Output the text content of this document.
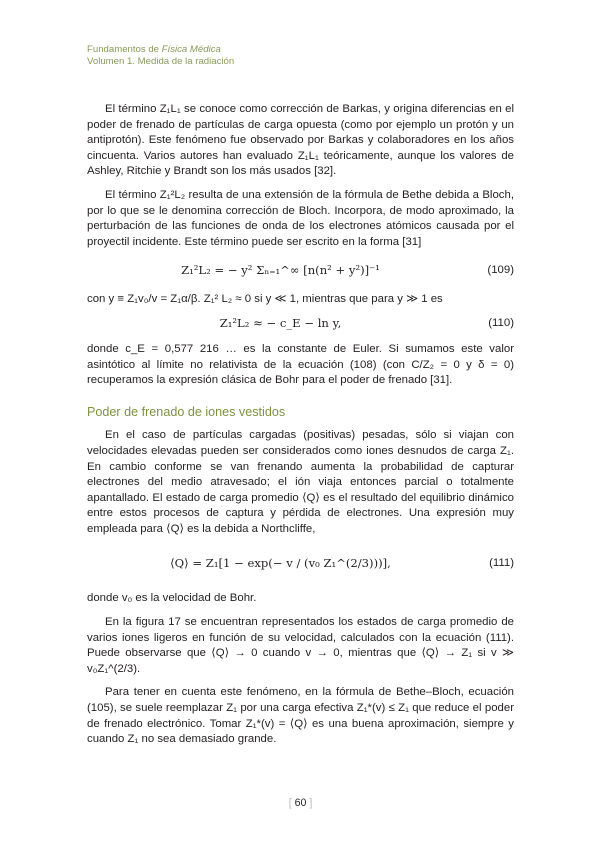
Fundamentos de Física Médica
Volumen 1. Medida de la radiación

El término Z₁L₁ se conoce como corrección de Barkas, y origina diferencias en el poder de frenado de partículas de carga opuesta (como por ejemplo un protón y un antiprotón). Este fenómeno fue observado por Barkas y colaboradores en los años cincuenta. Varios autores han evaluado Z₁L₁ teóricamente, aunque los valores de Ashley, Ritchie y Brandt son los más usados [32].

El término Z₁²L₂ resulta de una extensión de la fórmula de Bethe debida a Bloch, por lo que se le denomina corrección de Bloch. Incorpora, de modo aproximado, la perturbación de las funciones de onda de los electrones atómicos causada por el proyectil incidente. Este término puede ser escrito en la forma [31]

Z₁²L₂ = − y² Σₙ₌₁^∞ [n(n² + y²)]⁻¹	(109)

con y ≡ Z₁v₀/v = Z₁α/β. Z₁² L₂ ≈ 0 si y ≪ 1, mientras que para y ≫ 1 es

Z₁²L₂ ≈ − c_E − ln y,	(110)

donde c_E = 0,577 216 … es la constante de Euler. Si sumamos este valor asintótico al límite no relativista de la ecuación (108) (con C/Z₂ = 0 y δ = 0) recuperamos la expresión clásica de Bohr para el poder de frenado [31].

Poder de frenado de iones vestidos

En el caso de partículas cargadas (positivas) pesadas, sólo si viajan con velocidades elevadas pueden ser considerados como iones desnudos de carga Z₁. En cambio conforme se van frenando aumenta la probabilidad de capturar electrones del medio atravesado; el ión viaja entonces parcial o totalmente apantallado. El estado de carga promedio ⟨Q⟩ es el resultado del equilibrio dinámico entre estos procesos de captura y pérdida de electrones. Una expresión muy empleada para ⟨Q⟩ es la debida a Northcliffe,

⟨Q⟩ = Z₁[1 − exp(− v / (v₀ Z₁^(2/3)))],	(111)

donde v₀ es la velocidad de Bohr.

En la figura 17 se encuentran representados los estados de carga promedio de varios iones ligeros en función de su velocidad, calculados con la ecuación (111). Puede observarse que ⟨Q⟩ → 0 cuando v → 0, mientras que ⟨Q⟩ → Z₁ si v ≫ v₀Z₁^(2/3).

Para tener en cuenta este fenómeno, en la fórmula de Bethe–Bloch, ecuación (105), se suele reemplazar Z₁ por una carga efectiva Z₁*(v) ≤ Z₁ que reduce el poder de frenado electrónico. Tomar Z₁*(v) = ⟨Q⟩ es una buena aproximación, siempre y cuando Z₁ no sea demasiado grande.

[ 60 ]
